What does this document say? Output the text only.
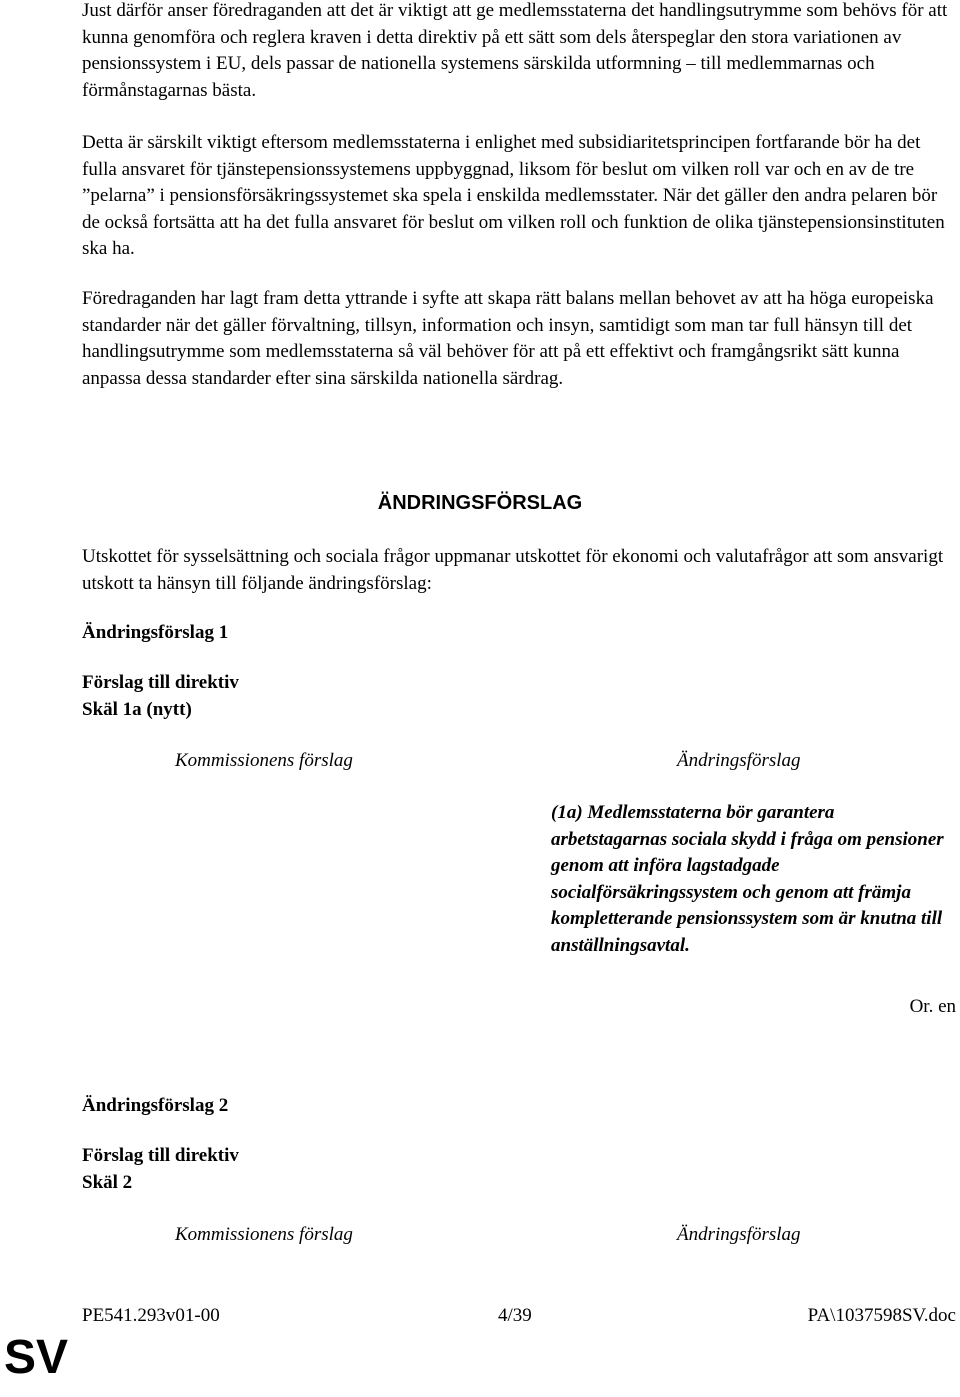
Just därför anser föredraganden att det är viktigt att ge medlemsstaterna det handlingsutrymme som behövs för att kunna genomföra och reglera kraven i detta direktiv på ett sätt som dels återspeglar den stora variationen av pensionssystem i EU, dels passar de nationella systemens särskilda utformning – till medlemmarnas och förmånstagarnas bästa.

Detta är särskilt viktigt eftersom medlemsstaterna i enlighet med subsidiaritetsprincipen fortfarande bör ha det fulla ansvaret för tjänstepensionssystemens uppbyggnad, liksom för beslut om vilken roll var och en av de tre ”pelarna” i pensionsförsäkringssystemet ska spela i enskilda medlemsstater. När det gäller den andra pelaren bör de också fortsätta att ha det fulla ansvaret för beslut om vilken roll och funktion de olika tjänstepensionsinstituten ska ha.

Föredraganden har lagt fram detta yttrande i syfte att skapa rätt balans mellan behovet av att ha höga europeiska standarder när det gäller förvaltning, tillsyn, information och insyn, samtidigt som man tar full hänsyn till det handlingsutrymme som medlemsstaterna så väl behöver för att på ett effektivt och framgångsrikt sätt kunna anpassa dessa standarder efter sina särskilda nationella särdrag.

ÄNDRINGSFÖRSLAG

Utskottet för sysselsättning och sociala frågor uppmanar utskottet för ekonomi och valutafrågor att som ansvarigt utskott ta hänsyn till följande ändringsförslag:

Ändringsförslag 1
Förslag till direktiv
Skäl 1a (nytt)
Kommissionens förslag	Ändringsförslag
(1a) Medlemsstaterna bör garantera arbetstagarnas sociala skydd i fråga om pensioner genom att införa lagstadgade socialförsäkringssystem och genom att främja kompletterande pensionssystem som är knutna till anställningsavtal.
Or. en
Ändringsförslag 2
Förslag till direktiv
Skäl 2
Kommissionens förslag	Ändringsförslag
PE541.293v01-00	4/39	PA\1037598SV.doc
SV
